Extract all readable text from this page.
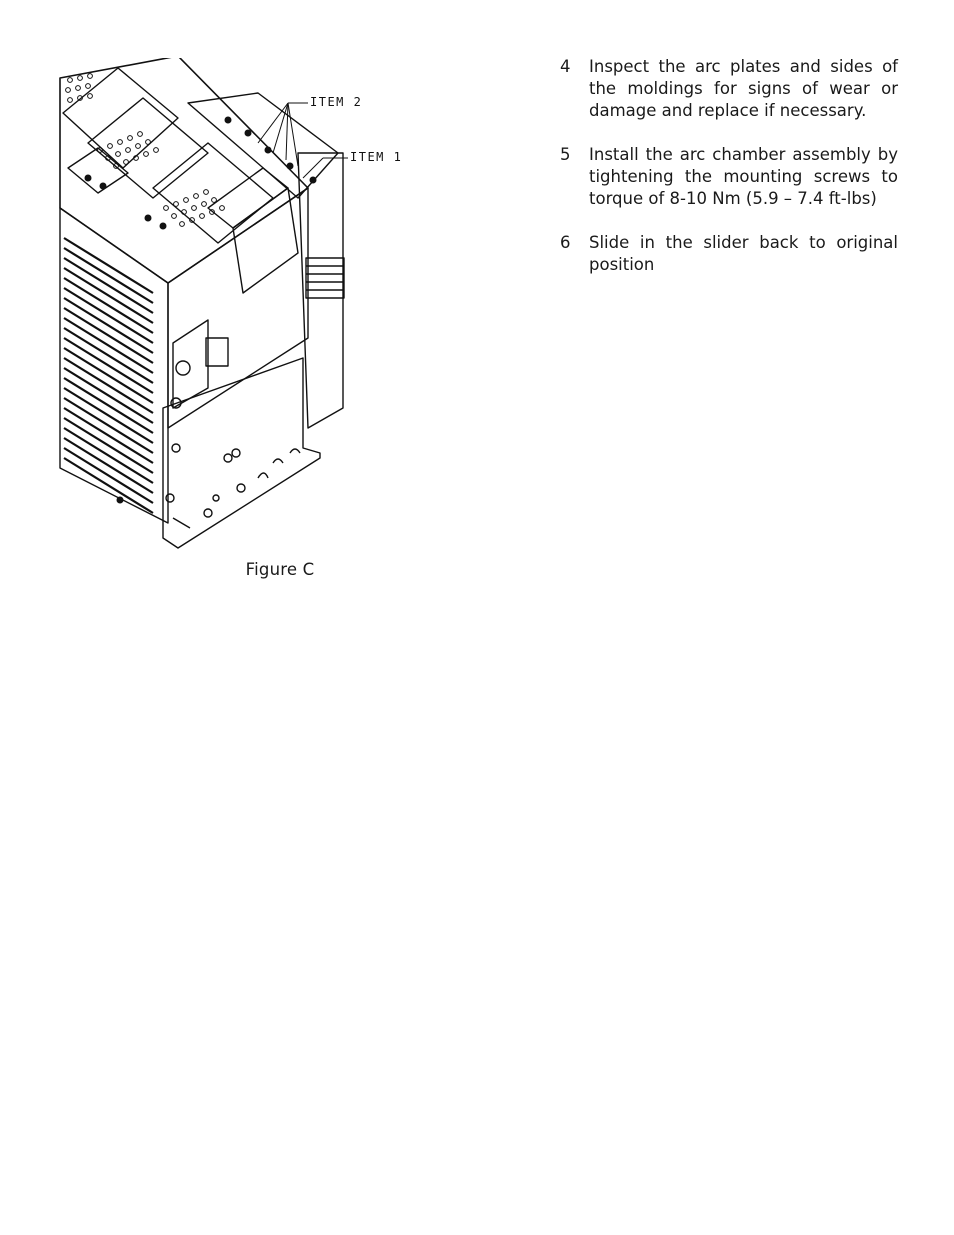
ITEM 2
ITEM 1
Figure C
4	Inspect the arc plates and sides of the moldings for signs of wear or damage and replace if necessary.
5	Install the arc chamber assembly by tightening the mounting screws to torque of 8-10 Nm (5.9 – 7.4 ft-lbs)
6	Slide in the slider back to original position
